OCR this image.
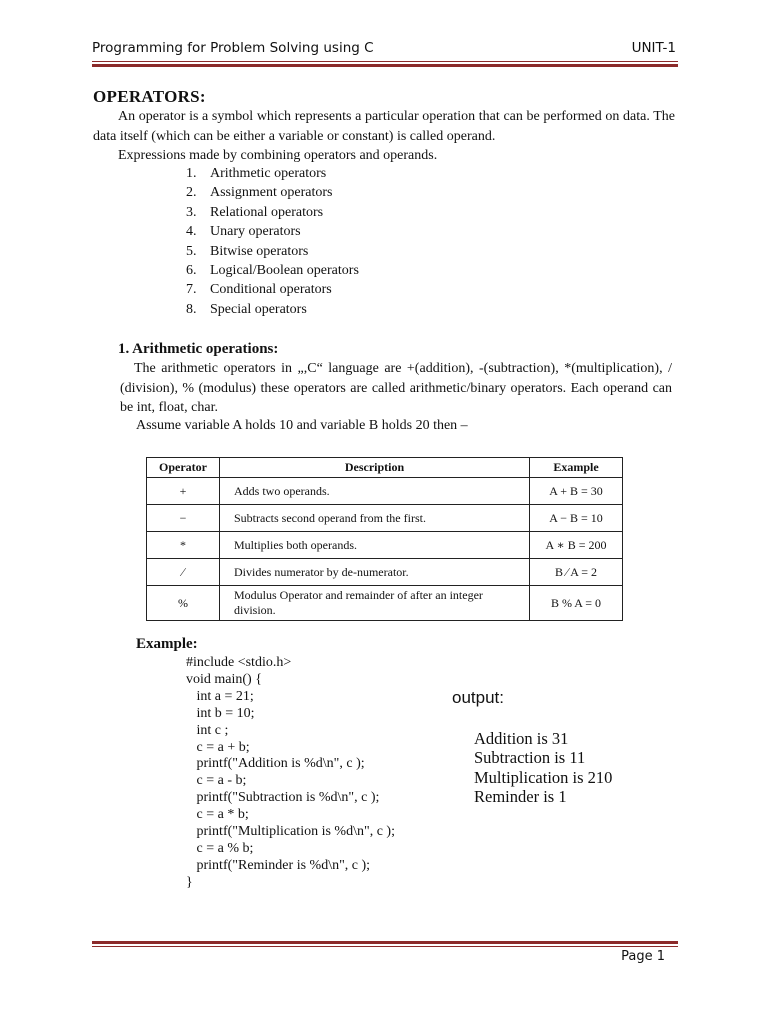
Programming for Problem Solving using C	UNIT-1
OPERATORS:
An operator is a symbol which represents a particular operation that can be performed on data. The data itself (which can be either a variable or constant) is called operand.
Expressions made by combining operators and operands.
1. Arithmetic operators
2. Assignment operators
3. Relational operators
4. Unary operators
5. Bitwise operators
6. Logical/Boolean operators
7. Conditional operators
8. Special operators
1. Arithmetic operations:
The arithmetic operators in „,C“ language are +(addition), -(subtraction), *(multiplication), / (division), % (modulus) these operators are called arithmetic/binary operators. Each operand can be int, float, char.
Assume variable A holds 10 and variable B holds 20 then –
Operator	Description	Example
+	Adds two operands.	A + B = 30
−	Subtracts second operand from the first.	A − B = 10
*	Multiplies both operands.	A ∗ B = 200
∕	Divides numerator by de-numerator.	B ∕ A = 2
%	Modulus Operator and remainder of after an integer division.	B % A = 0
Example:
#include <stdio.h>
void main() {
int a = 21;
int b = 10;
int c ;
c = a + b;
printf("Addition is %d\n", c );
c = a - b;
printf("Subtraction is %d\n", c );
c = a * b;
printf("Multiplication is %d\n", c );
c = a % b;
printf("Reminder is %d\n", c );
}
output:
Addition is 31
Subtraction is 11
Multiplication is 210
Reminder is 1
Page 1
